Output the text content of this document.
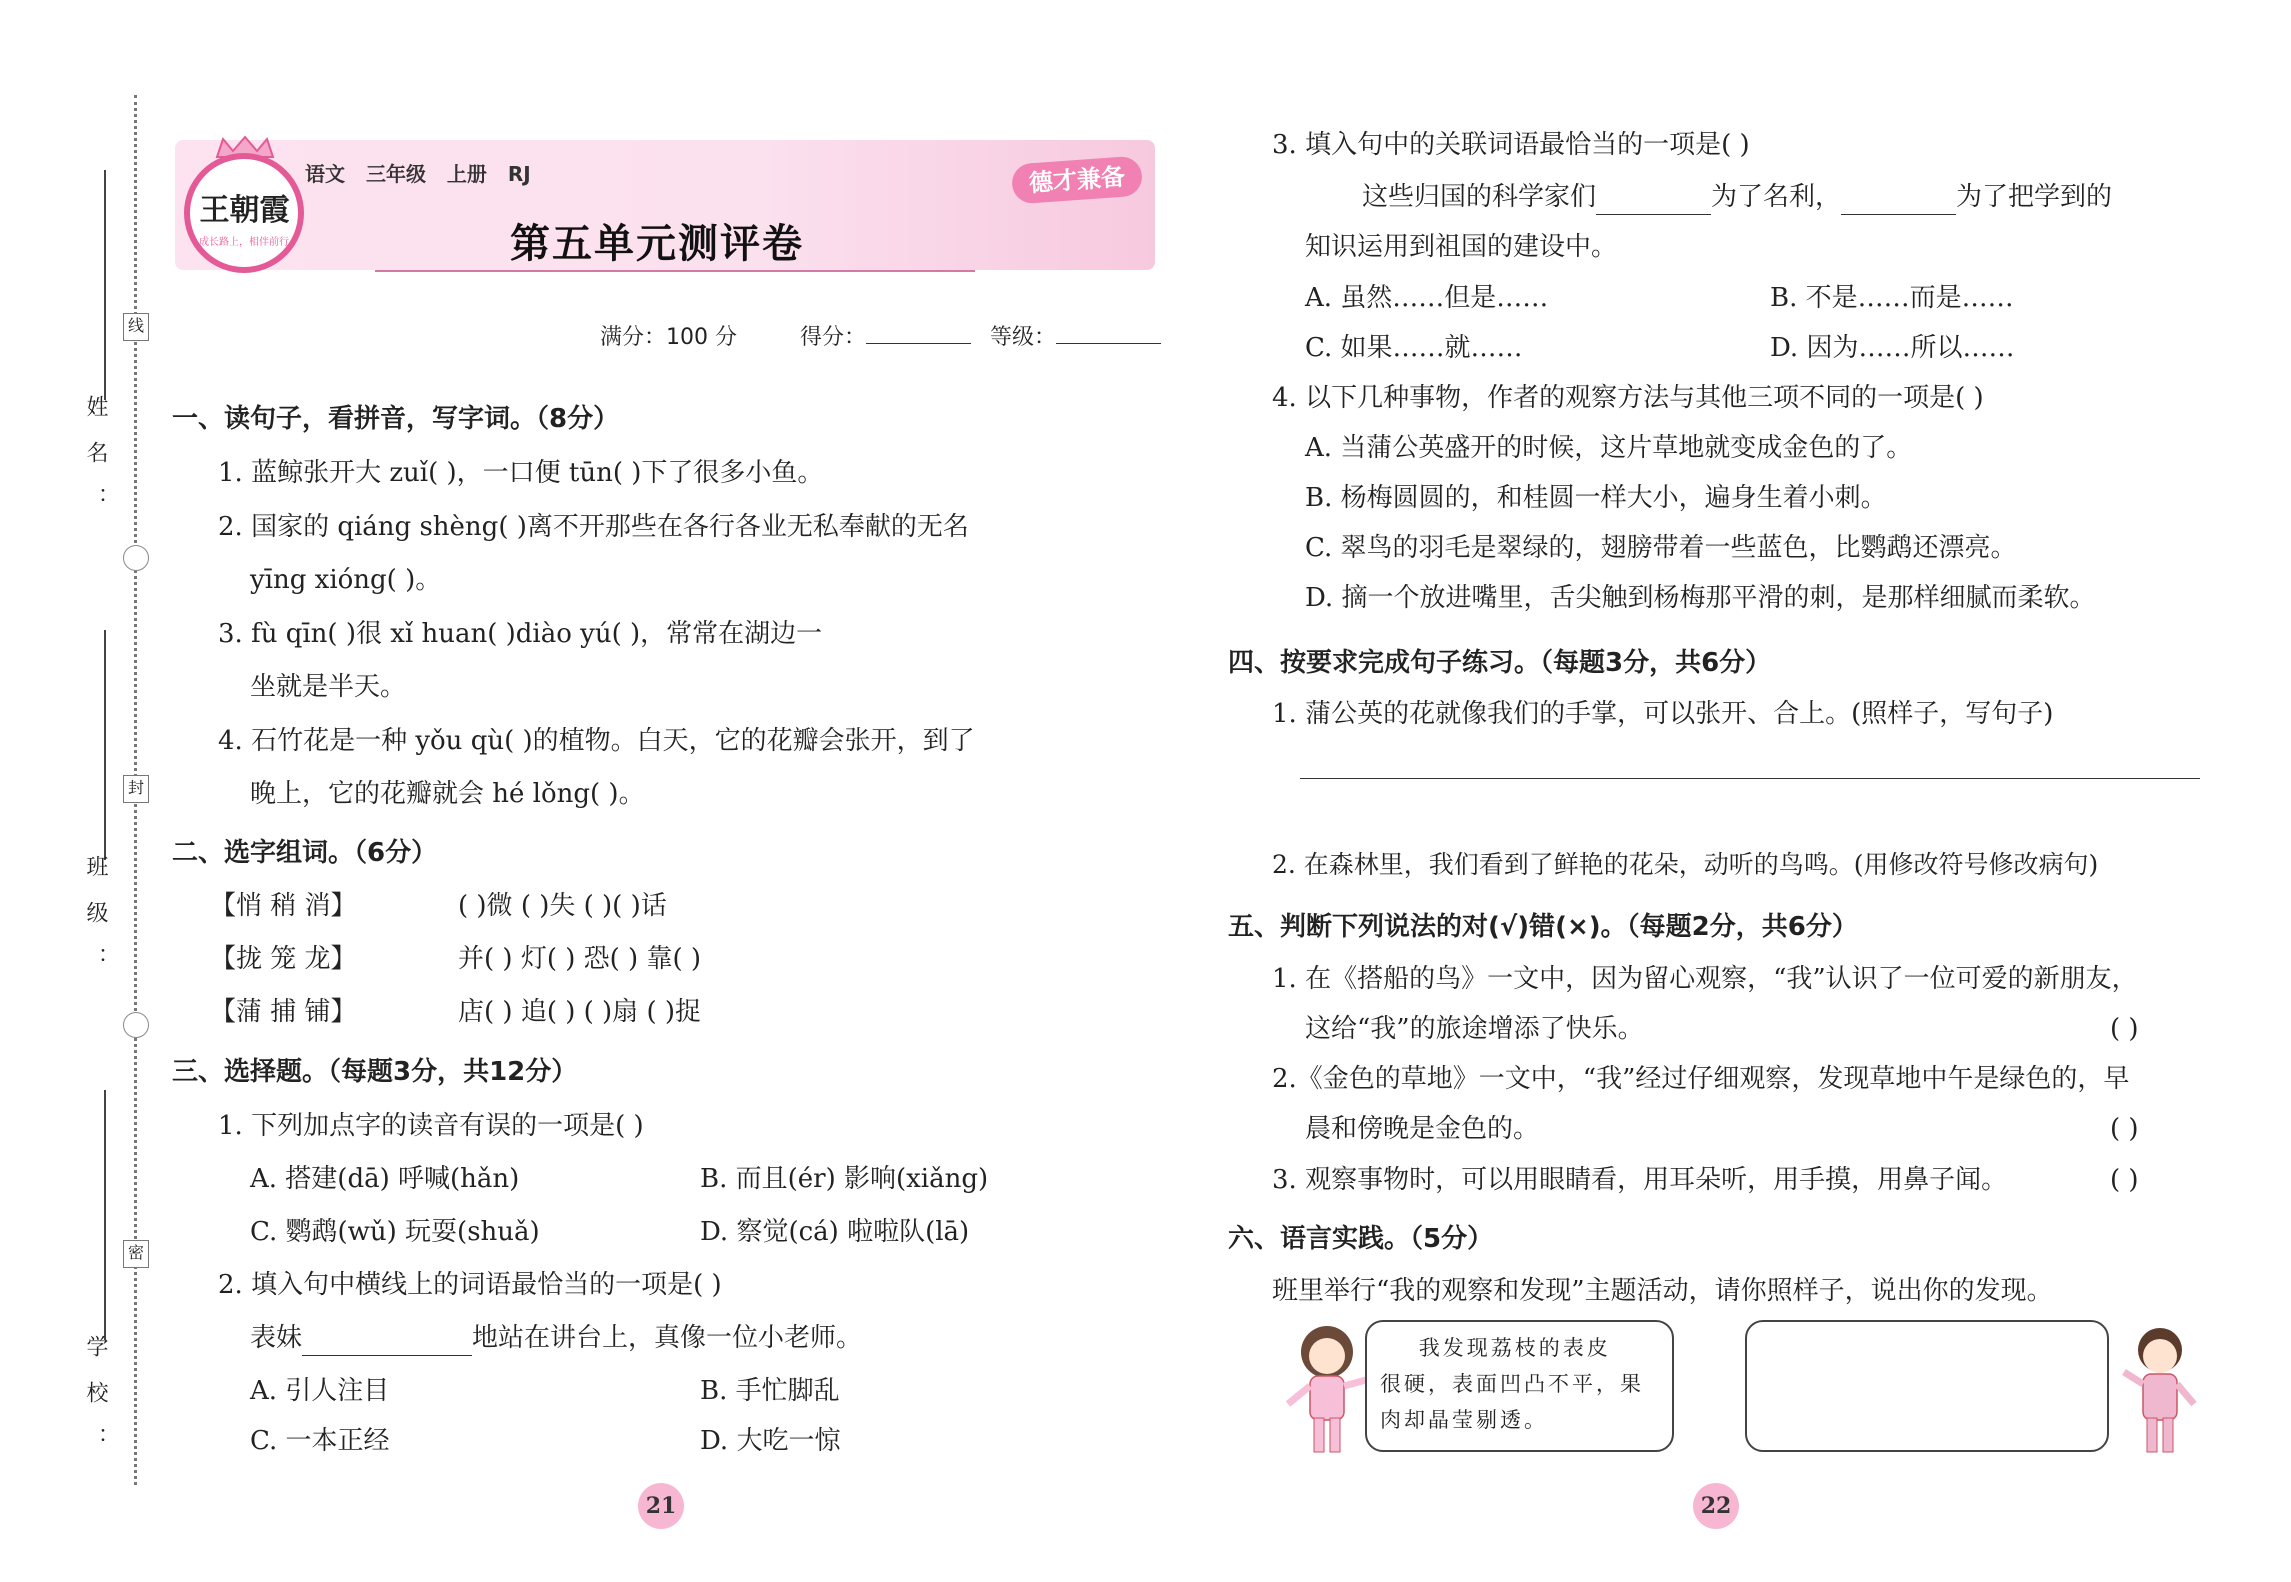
姓名：
班级：
学校：
线
封
密
王朝霞
成长路上，相伴前行
语文 三年级 上册 RJ	德才兼备
第五单元测评卷
满分：100 分	得分：	等级：
一、读句子，看拼音，写字词。（8分）
1. 蓝鲸张开大 zuǐ( )，一口便 tūn( )下了很多小鱼。
2. 国家的 qiáng shèng( )离不开那些在各行各业无私奉献的无名
yīng xióng( )。
3. fù qīn( )很 xǐ huan( )diào yú( )，常常在湖边一
坐就是半天。
4. 石竹花是一种 yǒu qù( )的植物。白天，它的花瓣会张开，到了
晚上，它的花瓣就会 hé lǒng( )。
二、选字组词。（6分）
【悄 稍 消】	( )微 ( )失 ( )( )话
【拢 笼 龙】	并( ) 灯( ) 恐( ) 靠( )
【蒲 捕 铺】	店( ) 追( ) ( )扇 ( )捉
三、选择题。（每题3分，共12分）
1. 下列加点字的读音有误的一项是( )
A. 搭建(dā) 呼喊(hǎn)	B. 而且(ér) 影响(xiǎng)
C. 鹦鹉(wǔ) 玩耍(shuǎ)	D. 察觉(cá) 啦啦队(lā)
2. 填入句中横线上的词语最恰当的一项是( )
表妹	地站在讲台上，真像一位小老师。
A. 引人注目	B. 手忙脚乱
C. 一本正经	D. 大吃一惊
21
3. 填入句中的关联词语最恰当的一项是( )
这些归国的科学家们	为了名利，	为了把学到的
知识运用到祖国的建设中。
A. 虽然……但是……	B. 不是……而是……
C. 如果……就……	D. 因为……所以……
4. 以下几种事物，作者的观察方法与其他三项不同的一项是( )
A. 当蒲公英盛开的时候，这片草地就变成金色的了。
B. 杨梅圆圆的，和桂圆一样大小，遍身生着小刺。
C. 翠鸟的羽毛是翠绿的，翅膀带着一些蓝色，比鹦鹉还漂亮。
D. 摘一个放进嘴里，舌尖触到杨梅那平滑的刺，是那样细腻而柔软。
四、按要求完成句子练习。（每题3分，共6分）
1. 蒲公英的花就像我们的手掌，可以张开、合上。(照样子，写句子)
2. 在森林里，我们看到了鲜艳的花朵，动听的鸟鸣。(用修改符号修改病句)
五、判断下列说法的对(√)错(×)。（每题2分，共6分）
1. 在《搭船的鸟》一文中，因为留心观察，“我”认识了一位可爱的新朋友，
这给“我”的旅途增添了快乐。	( )
2.《金色的草地》一文中，“我”经过仔细观察，发现草地中午是绿色的，早
晨和傍晚是金色的。	( )
3. 观察事物时，可以用眼睛看，用耳朵听，用手摸，用鼻子闻。	( )
六、语言实践。（5分）
班里举行“我的观察和发现”主题活动，请你照样子，说出你的发现。
我发现荔枝的表皮
很硬，表面凹凸不平，果
肉却晶莹剔透。
22
